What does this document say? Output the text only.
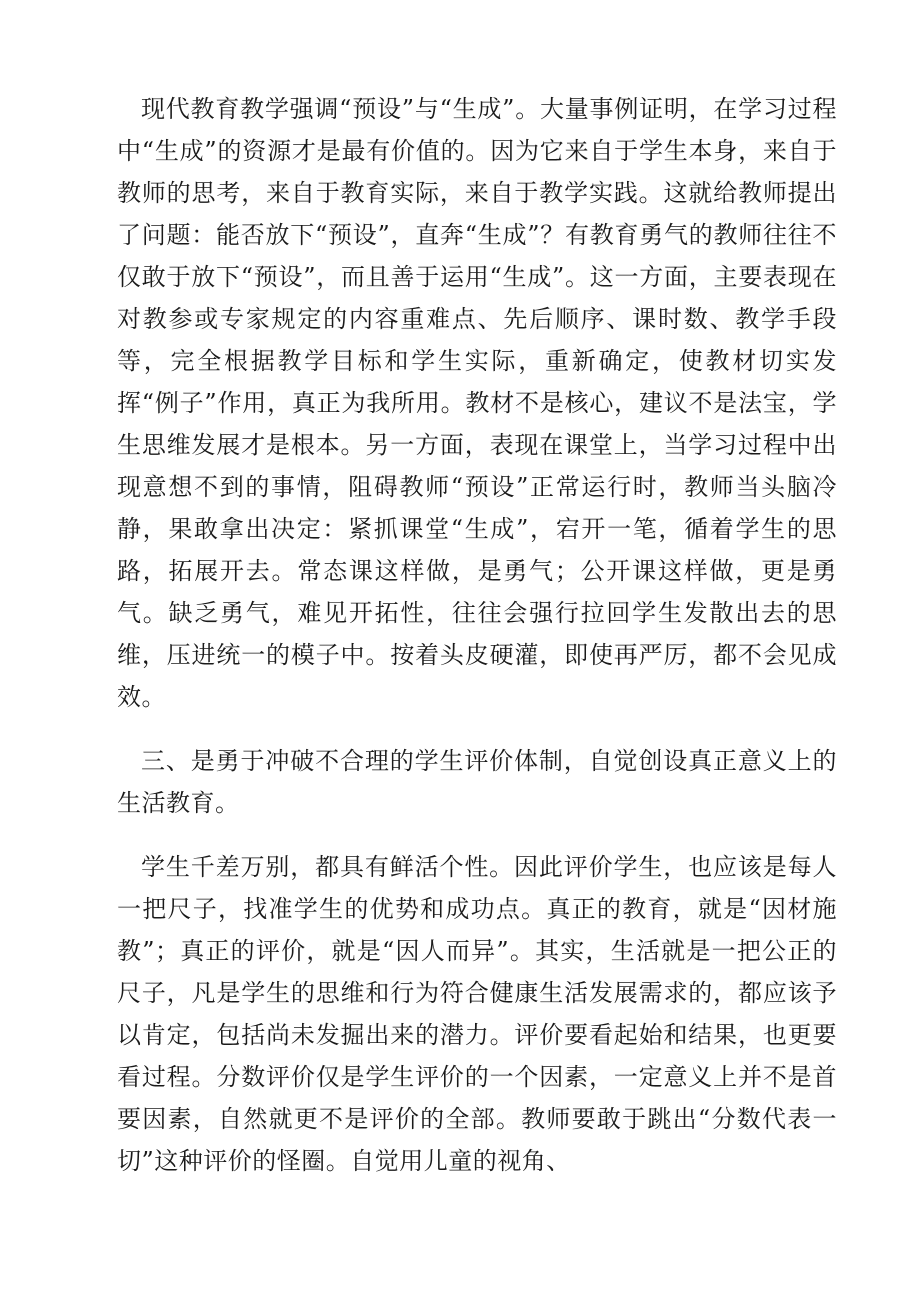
现代教育教学强调“预设”与“生成”。大量事例证明，在学习过程中“生成”的资源才是最有价值的。因为它来自于学生本身，来自于教师的思考，来自于教育实际，来自于教学实践。这就给教师提出了问题：能否放下“预设”，直奔“生成”？有教育勇气的教师往往不仅敢于放下“预设”，而且善于运用“生成”。这一方面，主要表现在对教参或专家规定的内容重难点、先后顺序、课时数、教学手段等，完全根据教学目标和学生实际，重新确定，使教材切实发挥“例子”作用，真正为我所用。教材不是核心，建议不是法宝，学生思维发展才是根本。另一方面，表现在课堂上，当学习过程中出现意想不到的事情，阻碍教师“预设”正常运行时，教师当头脑冷静，果敢拿出决定：紧抓课堂“生成”，宕开一笔，循着学生的思路，拓展开去。常态课这样做，是勇气；公开课这样做，更是勇气。缺乏勇气，难见开拓性，往往会强行拉回学生发散出去的思维，压进统一的模子中。按着头皮硬灌，即使再严厉，都不会见成效。

三、是勇于冲破不合理的学生评价体制，自觉创设真正意义上的生活教育。

学生千差万别，都具有鲜活个性。因此评价学生，也应该是每人一把尺子，找准学生的优势和成功点。真正的教育，就是“因材施教”；真正的评价，就是“因人而异”。其实，生活就是一把公正的尺子，凡是学生的思维和行为符合健康生活发展需求的，都应该予以肯定，包括尚未发掘出来的潜力。评价要看起始和结果，也更要看过程。分数评价仅是学生评价的一个因素，一定意义上并不是首要因素，自然就更不是评价的全部。教师要敢于跳出“分数代表一切”这种评价的怪圈。自觉用儿童的视角、
